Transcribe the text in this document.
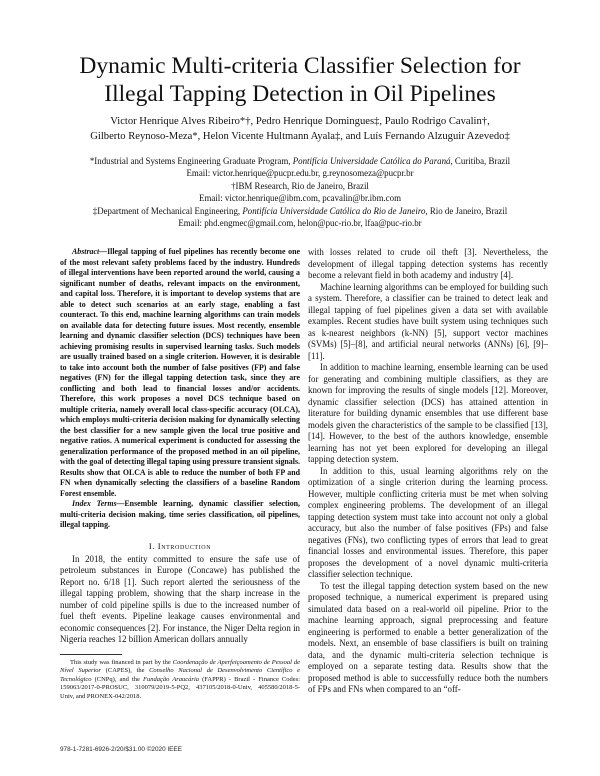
Dynamic Multi-criteria Classifier Selection for
Illegal Tapping Detection in Oil Pipelines
Victor Henrique Alves Ribeiro*†, Pedro Henrique Domingues‡, Paulo Rodrigo Cavalin†,
Gilberto Reynoso-Meza*, Helon Vicente Hultmann Ayala‡, and Luís Fernando Alzuguir Azevedo‡
*Industrial and Systems Engineering Graduate Program, Pontifícia Universidade Católica do Paraná, Curitiba, Brazil
Email: victor.henrique@pucpr.edu.br, g.reynosomeza@pucpr.br
†IBM Research, Rio de Janeiro, Brazil
Email: victor.henrique@ibm.com, pcavalin@br.ibm.com
‡Department of Mechanical Engineering, Pontifícia Universidade Católica do Rio de Janeiro, Rio de Janeiro, Brazil
Email: phd.engmec@gmail.com, helon@puc-rio.br, lfaa@puc-rio.br

Abstract—Illegal tapping of fuel pipelines has recently become one of the most relevant safety problems faced by the industry. Hundreds of illegal interventions have been reported around the world, causing a significant number of deaths, relevant impacts on the environment, and capital loss. Therefore, it is important to develop systems that are able to detect such scenarios at an early stage, enabling a fast counteract. To this end, machine learning algorithms can train models on available data for detecting future issues. Most recently, ensemble learning and dynamic classifier selection (DCS) techniques have been achieving promising results in supervised learning tasks. Such models are usually trained based on a single criterion. However, it is desirable to take into account both the number of false positives (FP) and false negatives (FN) for the illegal tapping detection task, since they are conflicting and both lead to financial losses and/or accidents. Therefore, this work proposes a novel DCS technique based on multiple criteria, namely overall local class-specific accuracy (OLCA), which employs multi-criteria decision making for dynamically selecting the best classifier for a new sample given the local true positive and negative ratios. A numerical experiment is conducted for assessing the generalization performance of the proposed method in an oil pipeline, with the goal of detecting illegal taping using pressure transient signals. Results show that OLCA is able to reduce the number of both FP and FN when dynamically selecting the classifiers of a baseline Random Forest ensemble.

Index Terms—Ensemble learning, dynamic classifier selection, multi-criteria decision making, time series classification, oil pipelines, illegal tapping.

I. Introduction

In 2018, the entity committed to ensure the safe use of petroleum substances in Europe (Concawe) has published the Report no. 6/18 [1]. Such report alerted the seriousness of the illegal tapping problem, showing that the sharp increase in the number of cold pipeline spills is due to the increased number of fuel theft events. Pipeline leakage causes environmental and economic consequences [2]. For instance, the Niger Delta region in Nigeria reaches 12 billion American dollars annually

This study was financed in part by the Coordenação de Aperfeiçoamento de Pessoal de Nível Superior (CAPES), the Conselho Nacional de Desenvolvimento Científico e Tecnológico (CNPq), and the Fundação Araucária (FAPPR) - Brazil - Finance Codes: 159063/2017-0-PROSUC, 310079/2019-5-PQ2, 437105/2018-0-Univ, 405580/2018-5-Univ, and PRONEX-042/2018.

with losses related to crude oil theft [3]. Nevertheless, the development of illegal tapping detection systems has recently become a relevant field in both academy and industry [4].

Machine learning algorithms can be employed for building such a system. Therefore, a classifier can be trained to detect leak and illegal tapping of fuel pipelines given a data set with available examples. Recent studies have built system using techniques such as k-nearest neighbors (k-NN) [5], support vector machines (SVMs) [5]–[8], and artificial neural networks (ANNs) [6], [9]–[11].

In addition to machine learning, ensemble learning can be used for generating and combining multiple classifiers, as they are known for improving the results of single models [12]. Moreover, dynamic classifier selection (DCS) has attained attention in literature for building dynamic ensembles that use different base models given the characteristics of the sample to be classified [13], [14]. However, to the best of the authors knowledge, ensemble learning has not yet been explored for developing an illegal tapping detection system.

In addition to this, usual learning algorithms rely on the optimization of a single criterion during the learning process. However, multiple conflicting criteria must be met when solving complex engineering problems. The development of an illegal tapping detection system must take into account not only a global accuracy, but also the number of false positives (FPs) and false negatives (FNs), two conflicting types of errors that lead to great financial losses and environmental issues. Therefore, this paper proposes the development of a novel dynamic multi-criteria classifier selection technique.

To test the illegal tapping detection system based on the new proposed technique, a numerical experiment is prepared using simulated data based on a real-world oil pipeline. Prior to the machine learning approach, signal preprocessing and feature engineering is performed to enable a better generalization of the models. Next, an ensemble of base classifiers is built on training data, and the dynamic multi-criteria selection technique is employed on a separate testing data. Results show that the proposed method is able to successfully reduce both the numbers of FPs and FNs when compared to an “off-

978-1-7281-6926-2/20/$31.00 ©2020 IEEE
